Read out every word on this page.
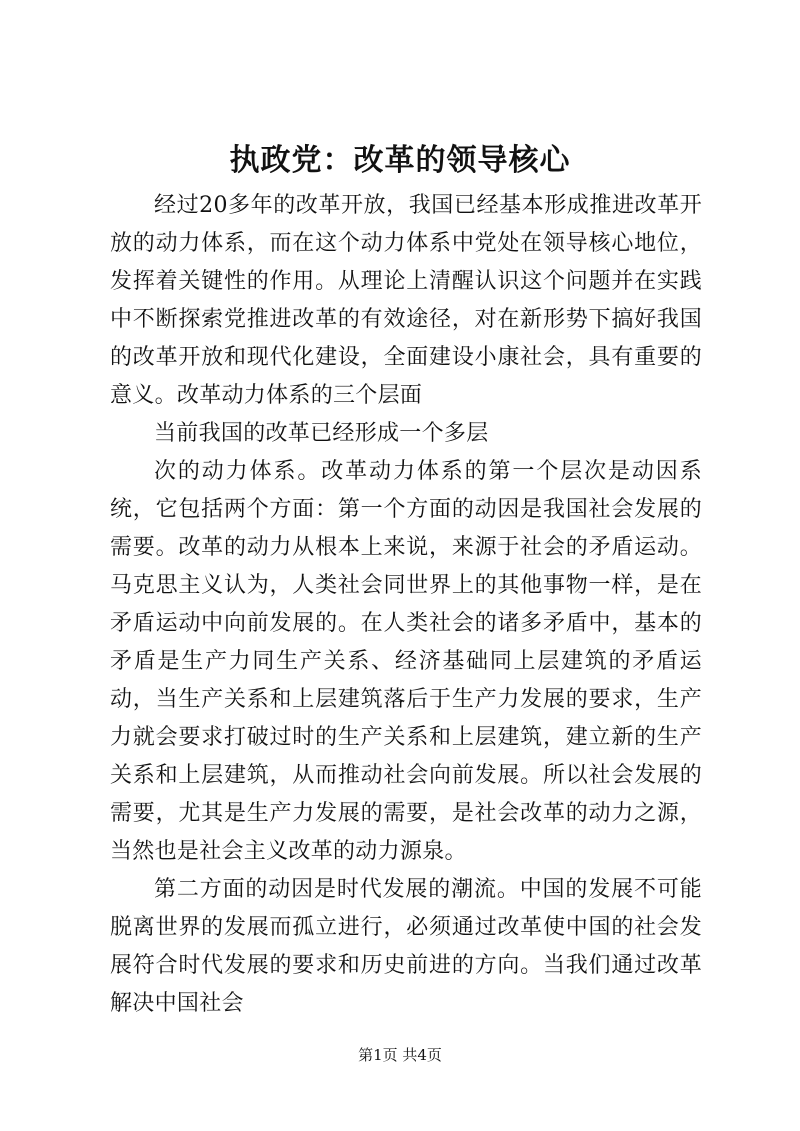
执政党：改革的领导核心

经过20多年的改革开放，我国已经基本形成推进改革开放的动力体系，而在这个动力体系中党处在领导核心地位，发挥着关键性的作用。从理论上清醒认识这个问题并在实践中不断探索党推进改革的有效途径，对在新形势下搞好我国的改革开放和现代化建设，全面建设小康社会，具有重要的意义。改革动力体系的三个层面

当前我国的改革已经形成一个多层

次的动力体系。改革动力体系的第一个层次是动因系统，它包括两个方面：第一个方面的动因是我国社会发展的需要。改革的动力从根本上来说，来源于社会的矛盾运动。马克思主义认为，人类社会同世界上的其他事物一样，是在矛盾运动中向前发展的。在人类社会的诸多矛盾中，基本的矛盾是生产力同生产关系、经济基础同上层建筑的矛盾运动，当生产关系和上层建筑落后于生产力发展的要求，生产力就会要求打破过时的生产关系和上层建筑，建立新的生产关系和上层建筑，从而推动社会向前发展。所以社会发展的需要，尤其是生产力发展的需要，是社会改革的动力之源，当然也是社会主义改革的动力源泉。

第二方面的动因是时代发展的潮流。中国的发展不可能脱离世界的发展而孤立进行，必须通过改革使中国的社会发展符合时代发展的要求和历史前进的方向。当我们通过改革解决中国社会

第1页 共4页
